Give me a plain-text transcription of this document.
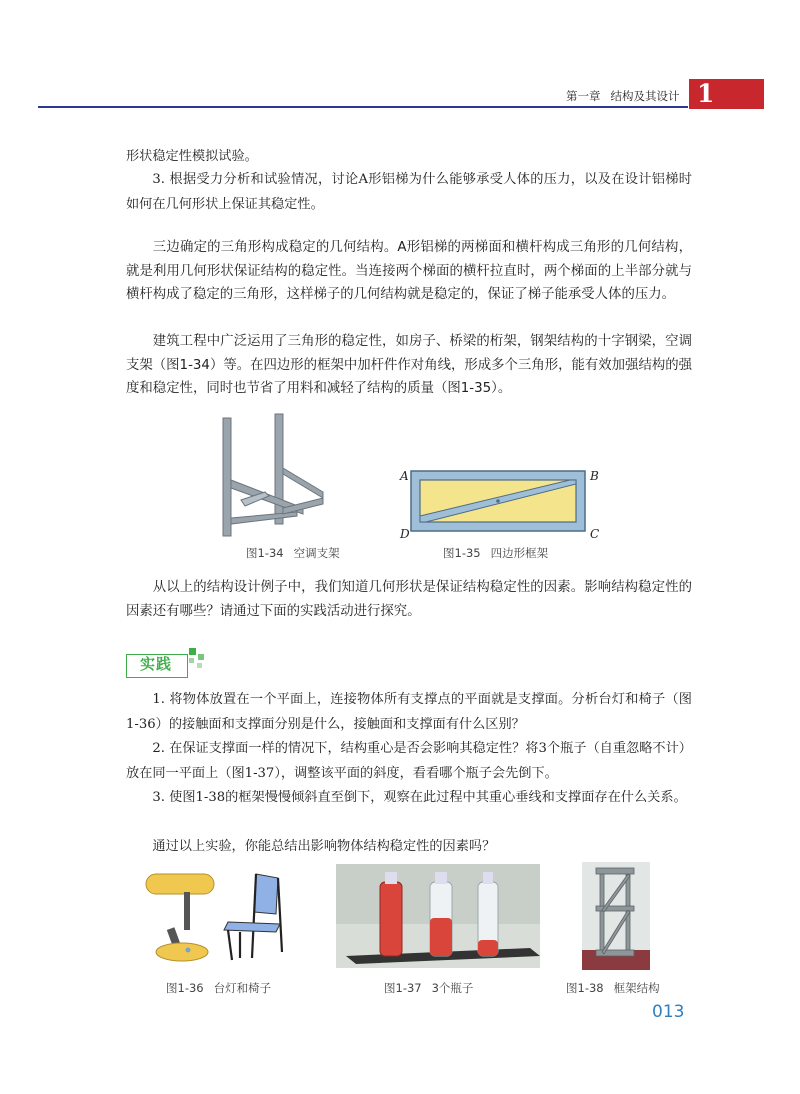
第一章 结构及其设计 1

形状稳定性模拟试验。

3. 根据受力分析和试验情况，讨论A形铝梯为什么能够承受人体的压力，以及在设计铝梯时如何在几何形状上保证其稳定性。

三边确定的三角形构成稳定的几何结构。A形铝梯的两梯面和横杆构成三角形的几何结构，就是利用几何形状保证结构的稳定性。当连接两个梯面的横杆拉直时，两个梯面的上半部分就与横杆构成了稳定的三角形，这样梯子的几何结构就是稳定的，保证了梯子能承受人体的压力。

建筑工程中广泛运用了三角形的稳定性，如房子、桥梁的桁架，钢架结构的十字钢梁，空调支架（图1-34）等。在四边形的框架中加杆件作对角线，形成多个三角形，能有效加强结构的强度和稳定性，同时也节省了用料和减轻了结构的质量（图1-35）。

图1-34 空调支架
A	B
C
D
图1-35 四边形框架

从以上的结构设计例子中，我们知道几何形状是保证结构稳定性的因素。影响结构稳定性的因素还有哪些？请通过下面的实践活动进行探究。

实践

1. 将物体放置在一个平面上，连接物体所有支撑点的平面就是支撑面。分析台灯和椅子（图1-36）的接触面和支撑面分别是什么，接触面和支撑面有什么区别？

2. 在保证支撑面一样的情况下，结构重心是否会影响其稳定性？将3个瓶子（自重忽略不计）放在同一平面上（图1-37），调整该平面的斜度，看看哪个瓶子会先倒下。

3. 使图1-38的框架慢慢倾斜直至倒下，观察在此过程中其重心垂线和支撑面存在什么关系。

通过以上实验，你能总结出影响物体结构稳定性的因素吗？

图1-36 台灯和椅子	图1-37 3个瓶子	图1-38 框架结构
013
